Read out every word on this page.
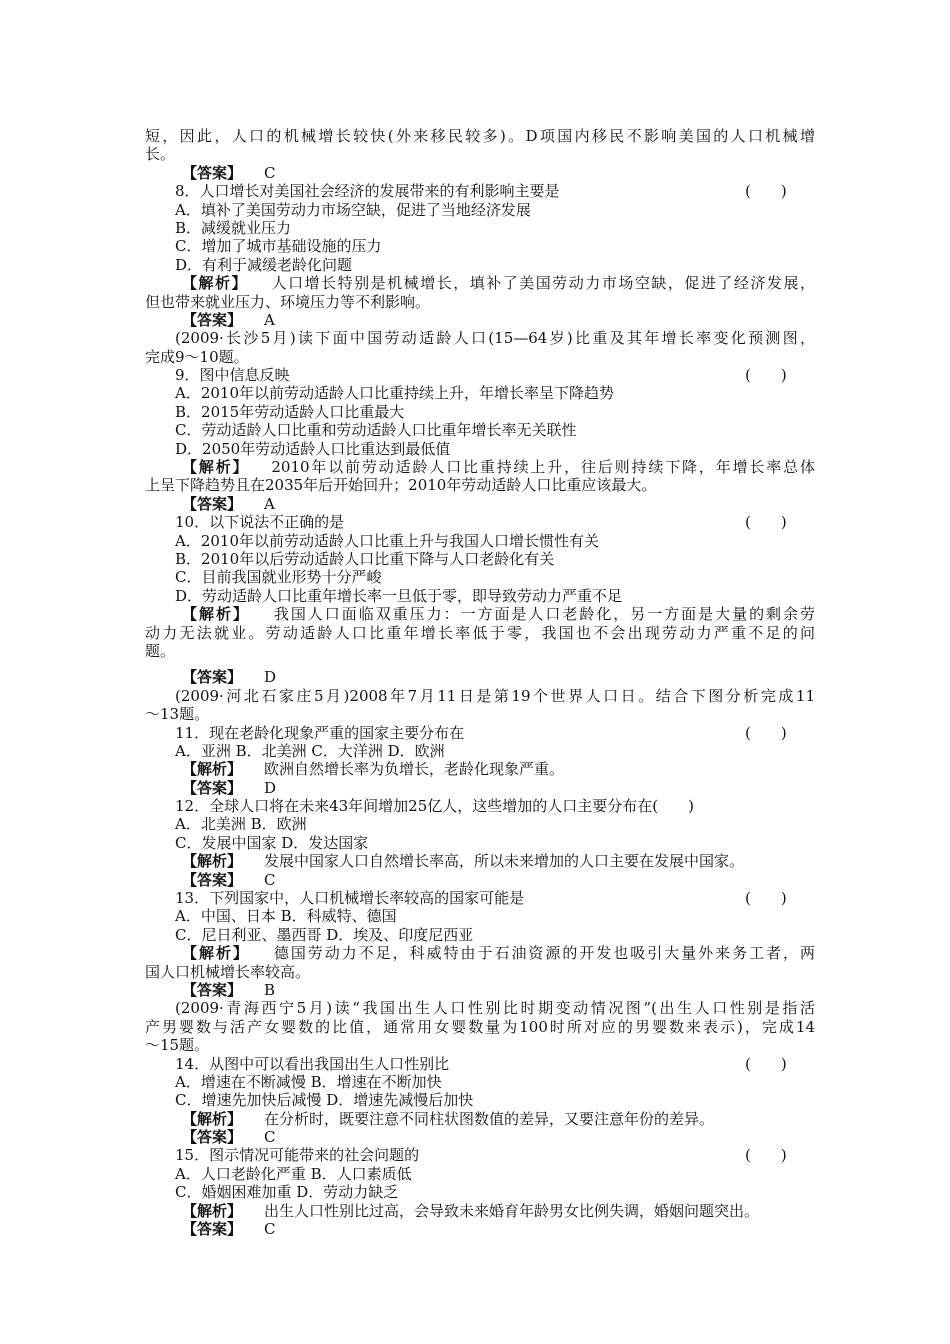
短，因此，人口的机械增长较快(外来移民较多)。D项国内移民不影响美国的人口机械增
长。
【答案】 C
8．人口增长对美国社会经济的发展带来的有利影响主要是	(　　)
A．填补了美国劳动力市场空缺，促进了当地经济发展
B．减缓就业压力
C．增加了城市基础设施的压力
D．有利于减缓老龄化问题
【解析】 人口增长特别是机械增长，填补了美国劳动力市场空缺，促进了经济发展，
但也带来就业压力、环境压力等不利影响。
【答案】 A
(2009·长沙5月)读下面中国劳动适龄人口(15—64岁)比重及其年增长率变化预测图，
完成9～10题。
9．图中信息反映	(　　)
A．2010年以前劳动适龄人口比重持续上升，年增长率呈下降趋势
B．2015年劳动适龄人口比重最大
C．劳动适龄人口比重和劳动适龄人口比重年增长率无关联性
D．2050年劳动适龄人口比重达到最低值
【解析】 2010年以前劳动适龄人口比重持续上升，往后则持续下降，年增长率总体
上呈下降趋势且在2035年后开始回升；2010年劳动适龄人口比重应该最大。
【答案】 A
10．以下说法不正确的是	(　　)
A．2010年以前劳动适龄人口比重上升与我国人口增长惯性有关
B．2010年以后劳动适龄人口比重下降与人口老龄化有关
C．目前我国就业形势十分严峻
D．劳动适龄人口比重年增长率一旦低于零，即导致劳动力严重不足
【解析】 我国人口面临双重压力：一方面是人口老龄化，另一方面是大量的剩余劳
动力无法就业。劳动适龄人口比重年增长率低于零，我国也不会出现劳动力严重不足的问
题。
【答案】 D
(2009·河北石家庄5月)2008年7月11日是第19个世界人口日。结合下图分析完成11
～13题。
11．现在老龄化现象严重的国家主要分布在	(　　)
A．亚洲 B．北美洲 C．大洋洲 D．欧洲
【解析】 欧洲自然增长率为负增长，老龄化现象严重。
【答案】 D
12．全球人口将在未来43年间增加25亿人，这些增加的人口主要分布在(　　)
A．北美洲 B．欧洲
C．发展中国家 D．发达国家
【解析】 发展中国家人口自然增长率高，所以未来增加的人口主要在发展中国家。
【答案】 C
13．下列国家中，人口机械增长率较高的国家可能是	(　　)
A．中国、日本 B．科威特、德国
C．尼日利亚、墨西哥 D．埃及、印度尼西亚
【解析】 德国劳动力不足，科威特由于石油资源的开发也吸引大量外来务工者，两
国人口机械增长率较高。
【答案】 B
(2009·青海西宁5月)读“我国出生人口性别比时期变动情况图”(出生人口性别是指活
产男婴数与活产女婴数的比值，通常用女婴数量为100时所对应的男婴数来表示)，完成14
～15题。
14．从图中可以看出我国出生人口性别比	(　　)
A．增速在不断减慢 B．增速在不断加快
C．增速先加快后减慢 D．增速先减慢后加快
【解析】 在分析时，既要注意不同柱状图数值的差异，又要注意年份的差异。
【答案】 C
15．图示情况可能带来的社会问题的	(　　)
A．人口老龄化严重 B．人口素质低
C．婚姻困难加重 D．劳动力缺乏
【解析】 出生人口性别比过高，会导致未来婚育年龄男女比例失调，婚姻问题突出。
【答案】 C
